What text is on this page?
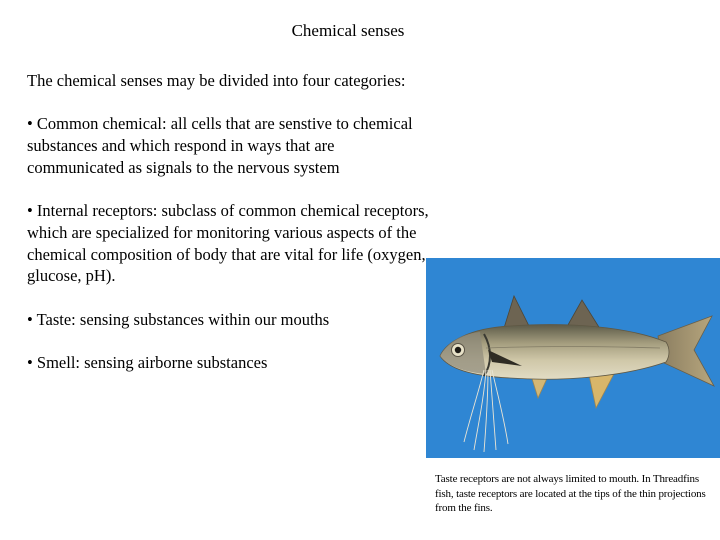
Chemical senses

The chemical senses may be divided into four categories:

• Common chemical: all cells that are senstive to chemical substances and which respond in ways that are communicated as signals to the nervous system

• Internal receptors: subclass of common chemical receptors, which are specialized for monitoring various aspects of the chemical composition of body that are vital for life (oxygen, glucose, pH).

• Taste: sensing substances within our mouths

• Smell: sensing airborne substances

Taste receptors are not always limited to mouth. In Threadfins fish, taste receptors are located at the tips of the thin projections from the fins.
